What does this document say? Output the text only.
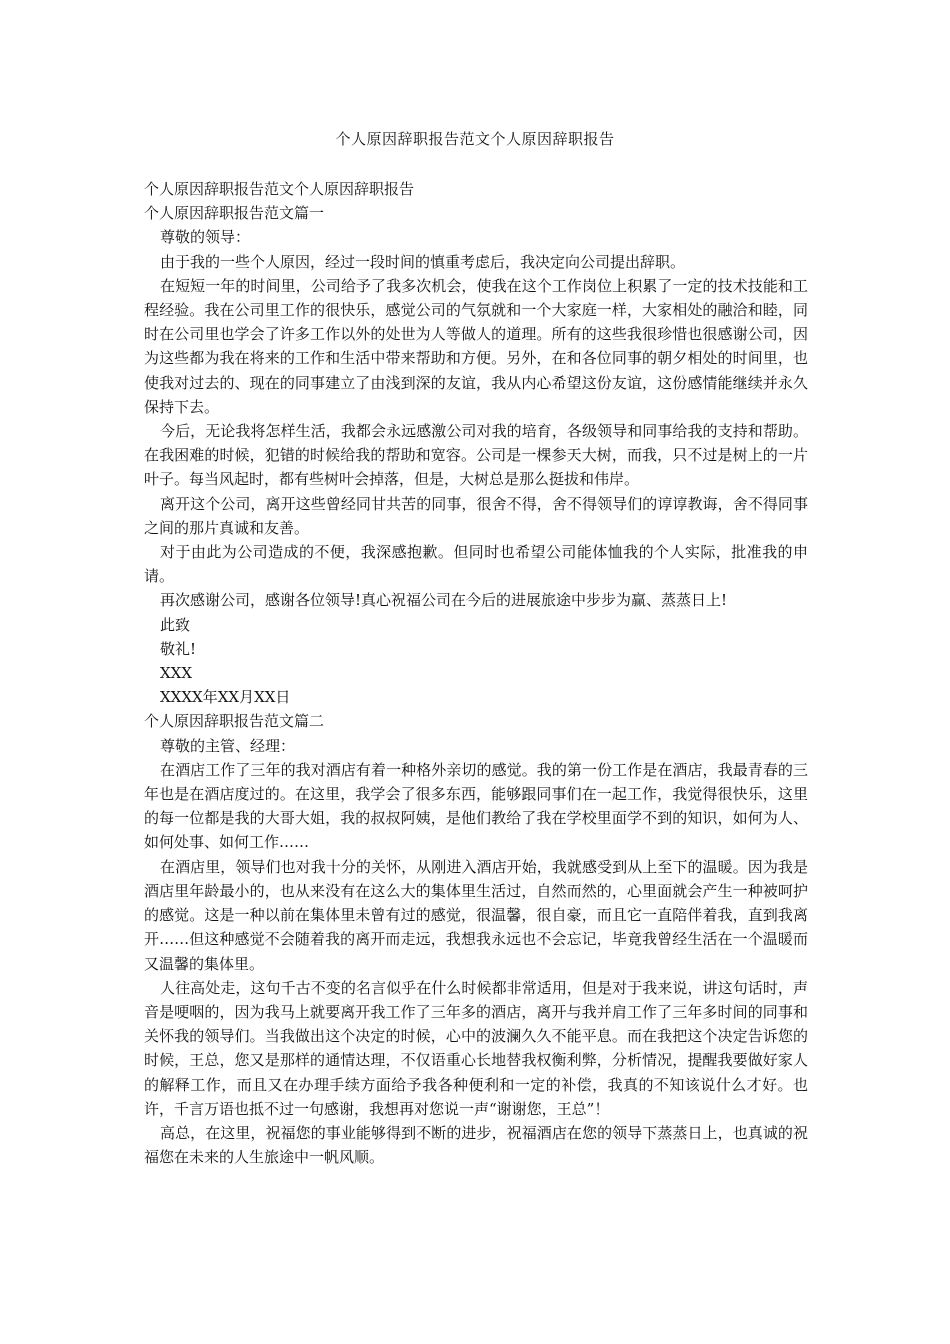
个人原因辞职报告范文个人原因辞职报告

个人原因辞职报告范文个人原因辞职报告

个人原因辞职报告范文篇一

尊敬的领导：

由于我的一些个人原因，经过一段时间的慎重考虑后，我决定向公司提出辞职。

在短短一年的时间里，公司给予了我多次机会，使我在这个工作岗位上积累了一定的技术技能和工程经验。我在公司里工作的很快乐，感觉公司的气氛就和一个大家庭一样，大家相处的融洽和睦，同时在公司里也学会了许多工作以外的处世为人等做人的道理。所有的这些我很珍惜也很感谢公司，因为这些都为我在将来的工作和生活中带来帮助和方便。另外，在和各位同事的朝夕相处的时间里，也使我对过去的、现在的同事建立了由浅到深的友谊，我从内心希望这份友谊，这份感情能继续并永久保持下去。

今后，无论我将怎样生活，我都会永远感激公司对我的培育，各级领导和同事给我的支持和帮助。在我困难的时候，犯错的时候给我的帮助和宽容。公司是一棵参天大树，而我，只不过是树上的一片叶子。每当风起时，都有些树叶会掉落，但是，大树总是那么挺拔和伟岸。

离开这个公司，离开这些曾经同甘共苦的同事，很舍不得，舍不得领导们的谆谆教诲，舍不得同事之间的那片真诚和友善。

对于由此为公司造成的不便，我深感抱歉。但同时也希望公司能体恤我的个人实际，批准我的申请。

再次感谢公司，感谢各位领导!真心祝福公司在今后的进展旅途中步步为赢、蒸蒸日上!

此致

敬礼!

XXX

XXXX年XX月XX日

个人原因辞职报告范文篇二

尊敬的主管、经理：

在酒店工作了三年的我对酒店有着一种格外亲切的感觉。我的第一份工作是在酒店，我最青春的三年也是在酒店度过的。在这里，我学会了很多东西，能够跟同事们在一起工作，我觉得很快乐，这里的每一位都是我的大哥大姐，我的叔叔阿姨，是他们教给了我在学校里面学不到的知识，如何为人、如何处事、如何工作……

在酒店里，领导们也对我十分的关怀，从刚进入酒店开始，我就感受到从上至下的温暖。因为我是酒店里年龄最小的，也从来没有在这么大的集体里生活过，自然而然的，心里面就会产生一种被呵护的感觉。这是一种以前在集体里未曾有过的感觉，很温馨，很自豪，而且它一直陪伴着我，直到我离开……但这种感觉不会随着我的离开而走远，我想我永远也不会忘记，毕竟我曾经生活在一个温暖而又温馨的集体里。

人往高处走，这句千古不变的名言似乎在什么时候都非常适用，但是对于我来说，讲这句话时，声音是哽咽的，因为我马上就要离开我工作了三年多的酒店，离开与我并肩工作了三年多时间的同事和关怀我的领导们。当我做出这个决定的时候，心中的波澜久久不能平息。而在我把这个决定告诉您的时候，王总，您又是那样的通情达理，不仅语重心长地替我权衡利弊，分析情况，提醒我要做好家人的解释工作，而且又在办理手续方面给予我各种便利和一定的补偿，我真的不知该说什么才好。也许，千言万语也抵不过一句感谢，我想再对您说一声“谢谢您，王总”！

高总，在这里，祝福您的事业能够得到不断的进步，祝福酒店在您的领导下蒸蒸日上，也真诚的祝福您在未来的人生旅途中一帆风顺。
